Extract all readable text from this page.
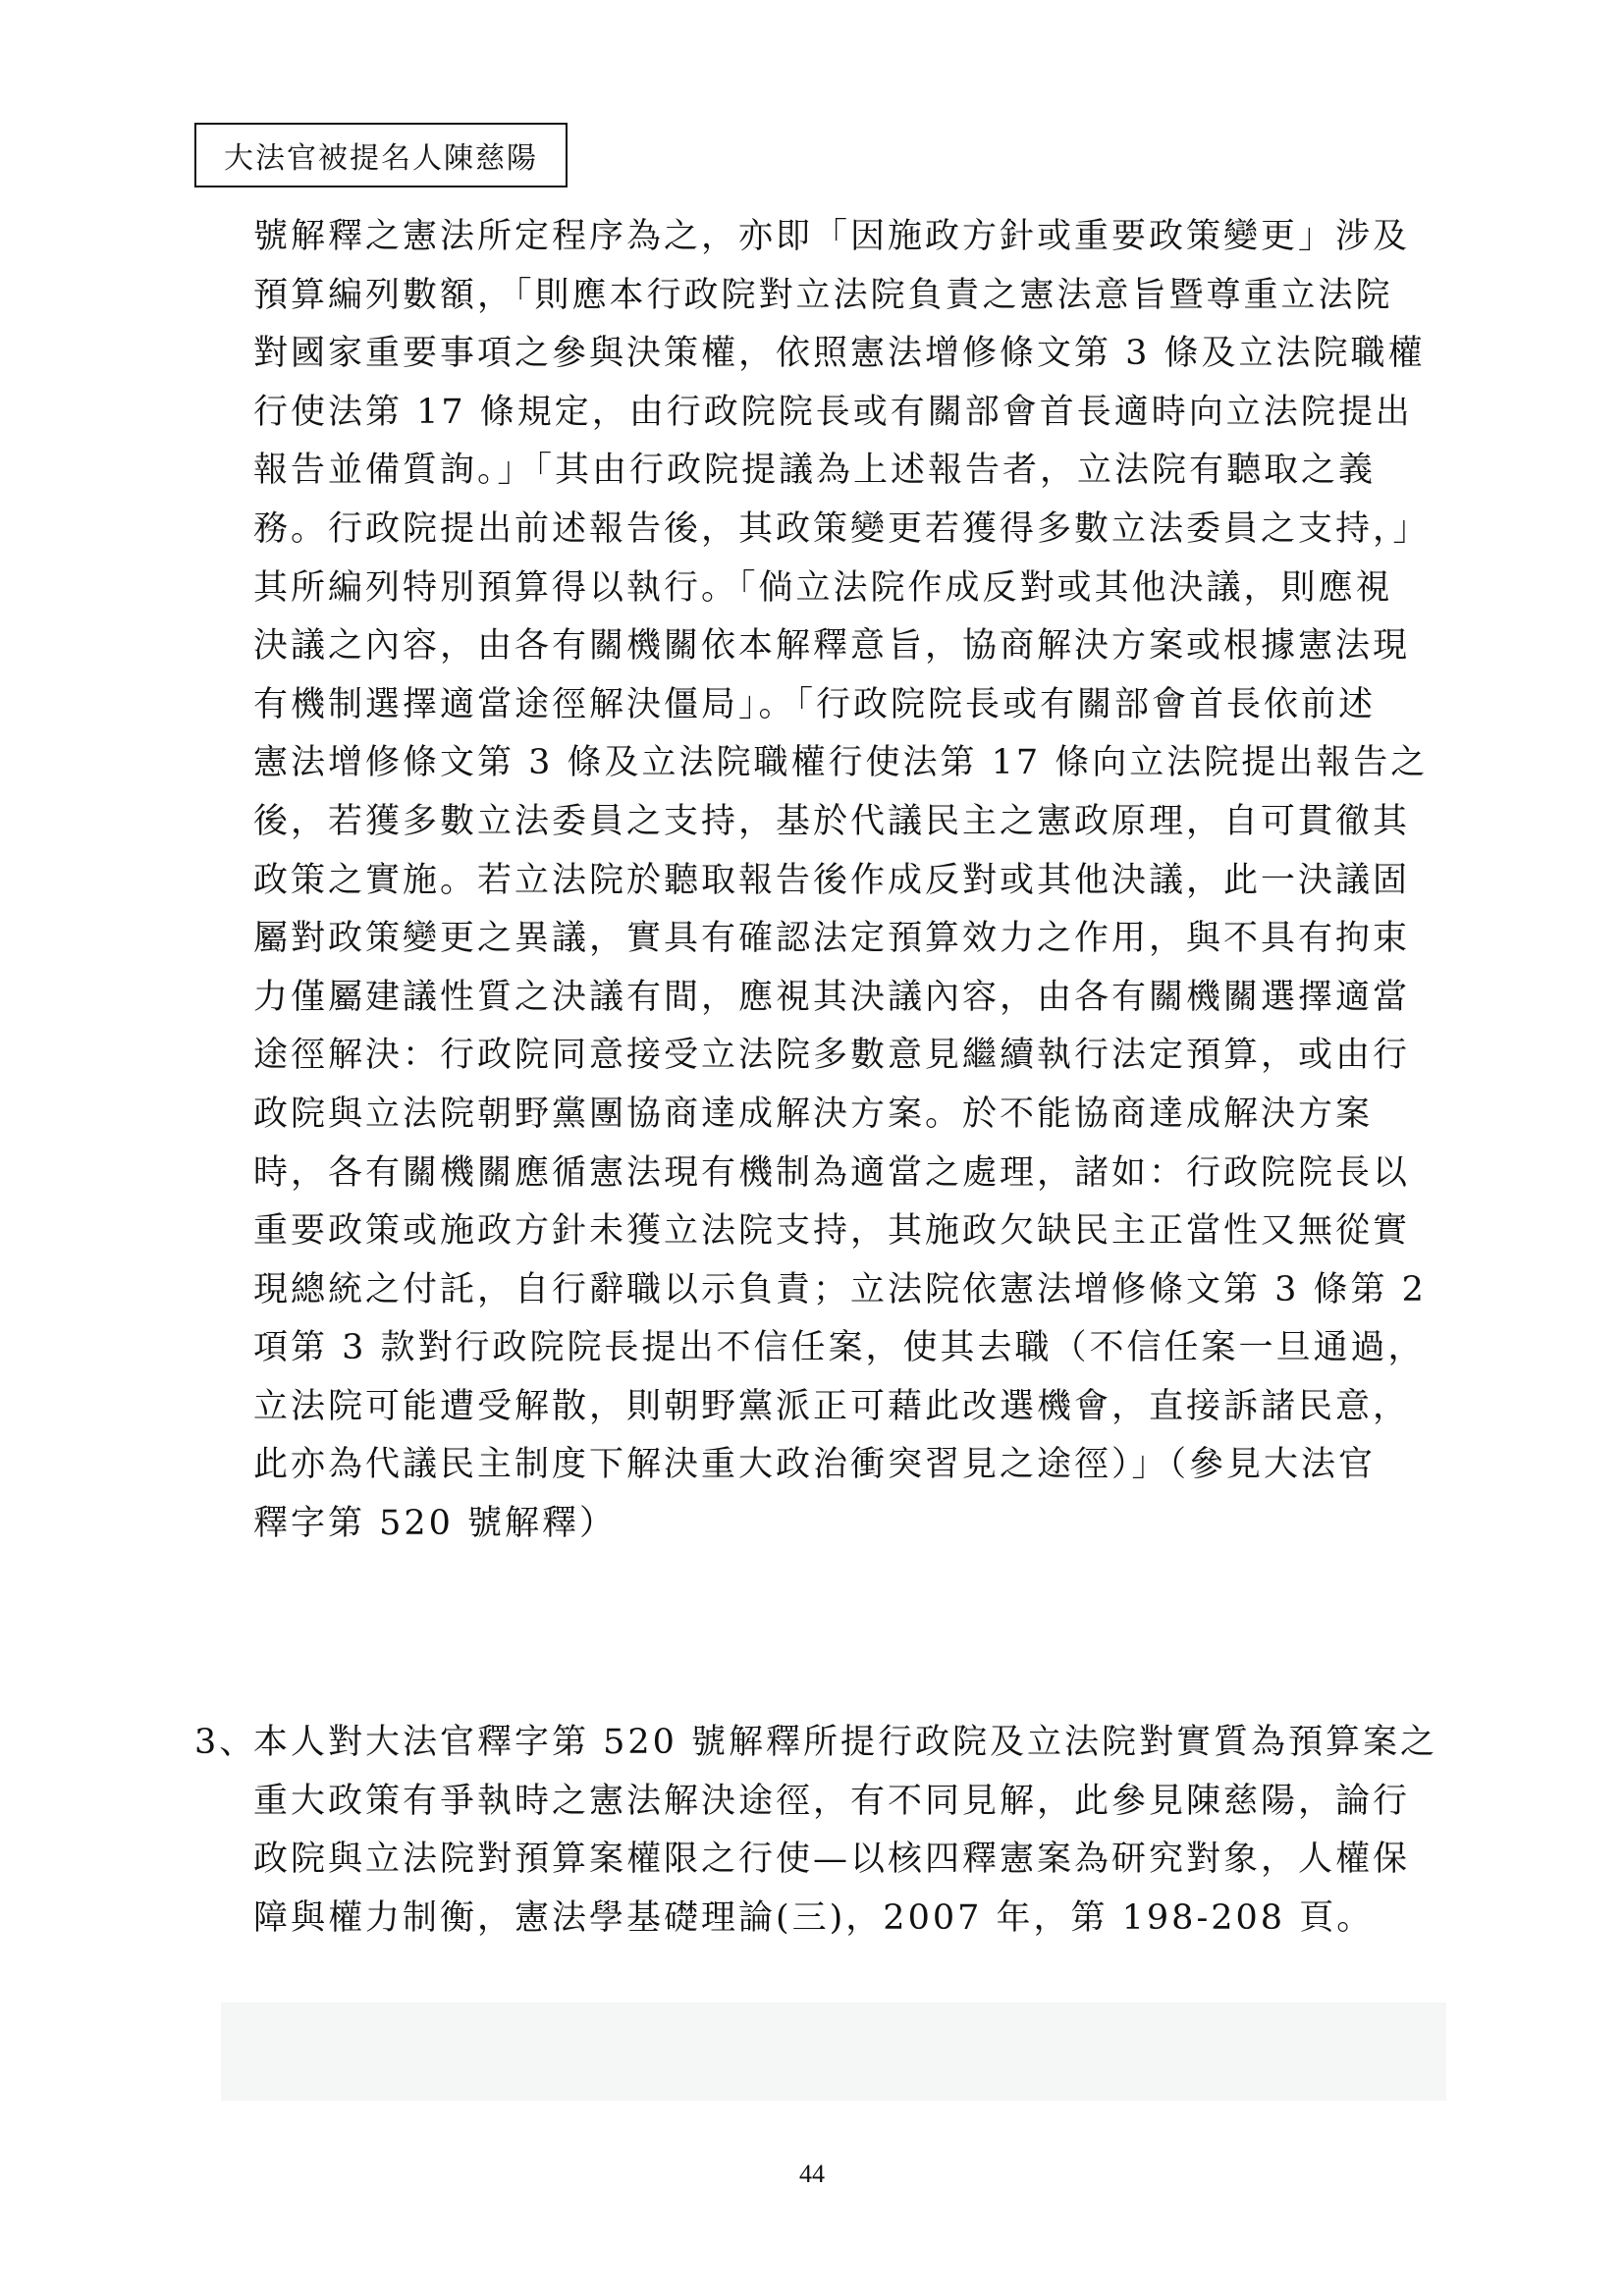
大法官被提名人陳慈陽
號解釋之憲法所定程序為之，亦即「因施政方針或重要政策變更」涉及
預算編列數額，「則應本行政院對立法院負責之憲法意旨暨尊重立法院
對國家重要事項之參與決策權，依照憲法增修條文第 3 條及立法院職權
行使法第 17 條規定，由行政院院長或有關部會首長適時向立法院提出
報告並備質詢。」「其由行政院提議為上述報告者，立法院有聽取之義
務。行政院提出前述報告後，其政策變更若獲得多數立法委員之支持，」
其所編列特別預算得以執行。「倘立法院作成反對或其他決議，則應視
決議之內容，由各有關機關依本解釋意旨，協商解決方案或根據憲法現
有機制選擇適當途徑解決僵局」。「行政院院長或有關部會首長依前述
憲法增修條文第 3 條及立法院職權行使法第 17 條向立法院提出報告之
後，若獲多數立法委員之支持，基於代議民主之憲政原理，自可貫徹其
政策之實施。若立法院於聽取報告後作成反對或其他決議，此一決議固
屬對政策變更之異議，實具有確認法定預算效力之作用，與不具有拘束
力僅屬建議性質之決議有間，應視其決議內容，由各有關機關選擇適當
途徑解決：行政院同意接受立法院多數意見繼續執行法定預算，或由行
政院與立法院朝野黨團協商達成解決方案。於不能協商達成解決方案
時，各有關機關應循憲法現有機制為適當之處理，諸如：行政院院長以
重要政策或施政方針未獲立法院支持，其施政欠缺民主正當性又無從實
現總統之付託，自行辭職以示負責；立法院依憲法增修條文第 3 條第 2
項第 3 款對行政院院長提出不信任案，使其去職（不信任案一旦通過，
立法院可能遭受解散，則朝野黨派正可藉此改選機會，直接訴諸民意，
此亦為代議民主制度下解決重大政治衝突習見之途徑）」（參見大法官
釋字第 520 號解釋）
3、
本人對大法官釋字第 520 號解釋所提行政院及立法院對實質為預算案之
重大政策有爭執時之憲法解決途徑，有不同見解，此參見陳慈陽，論行
政院與立法院對預算案權限之行使—以核四釋憲案為研究對象，人權保
障與權力制衡，憲法學基礎理論(三)，2007 年，第 198-208 頁。
44
